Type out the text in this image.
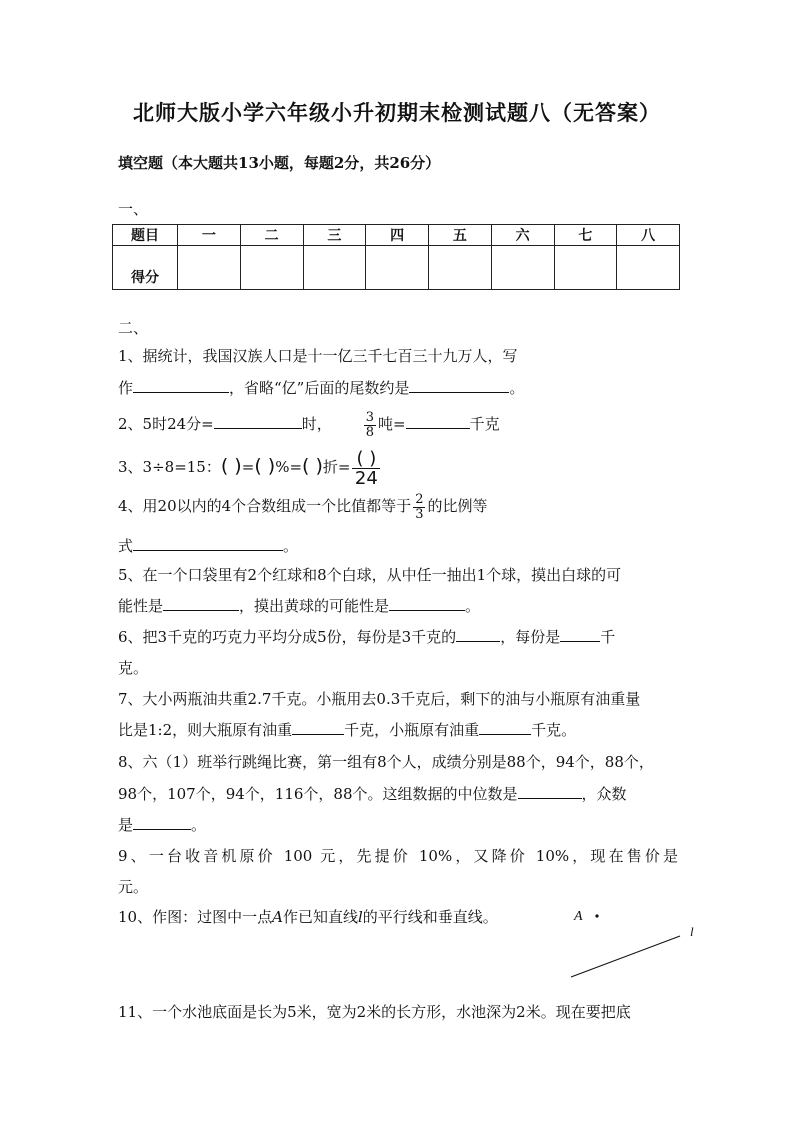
北师大版小学六年级小升初期末检测试题八（无答案）
填空题（本大题共13小题，每题2分，共26分）
一、
题目	一	二	三	四	五	六	七	八
得分								
二、
1、据统计，我国汉族人口是十一亿三千七百三十九万人，写
作	，省略“亿”后面的尾数约是	。
2、5时24分=	时， $\frac{3}{8}$ 吨=	千克
3、3÷8=15：( )=( )%=( )折= $\frac{( )}{24}$
4、用20以内的4个合数组成一个比值都等于 $\frac{2}{3}$ 的比例等
式	。
5、在一个口袋里有2个红球和8个白球，从中任一抽出1个球，摸出白球的可
能性是	，摸出黄球的可能性是	。
6、把3千克的巧克力平均分成5份，每份是3千克的	，每份是	千
克。
7、大小两瓶油共重2.7千克。小瓶用去0.3千克后，剩下的油与小瓶原有油重量
比是1:2，则大瓶原有油重	千克，小瓶原有油重	千克。
8、六（1）班举行跳绳比赛，第一组有8个人，成绩分别是88个，94个，88个，
98个，107个，94个，116个，88个。这组数据的中位数是	，众数
是	。
9、一台收音机原价 100 元，先提价 10%，又降价 10%，现在售价是
元。
10、作图：过图中一点A作已知直线l的平行线和垂直线。	A
l
11、一个水池底面是长为5米，宽为2米的长方形，水池深为2米。现在要把底
